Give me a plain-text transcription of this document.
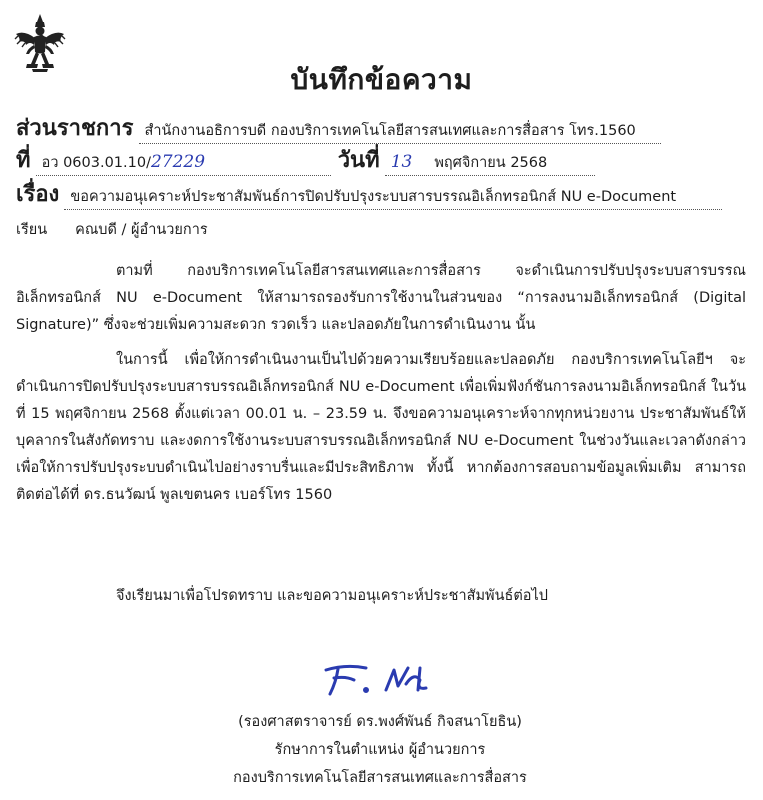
บันทึกข้อความ
ส่วนราชการ สำนักงานอธิการบดี กองบริการเทคโนโลยีสารสนเทศและการสื่อสาร โทร.1560
ที่ อว 0603.01.10/27229	วันที่ 13 พฤศจิกายน 2568
เรื่อง ขอความอนุเคราะห์ประชาสัมพันธ์การปิดปรับปรุงระบบสารบรรณอิเล็กทรอนิกส์ NU e-Document
เรียน คณบดี / ผู้อำนวยการ

ตามที่ กองบริการเทคโนโลยีสารสนเทศและการสื่อสาร จะดำเนินการปรับปรุงระบบสารบรรณอิเล็กทรอนิกส์ NU e-Document ให้สามารถรองรับการใช้งานในส่วนของ “การลงนามอิเล็กทรอนิกส์ (Digital Signature)” ซึ่งจะช่วยเพิ่มความสะดวก รวดเร็ว และปลอดภัยในการดำเนินงาน นั้น

ในการนี้ เพื่อให้การดำเนินงานเป็นไปด้วยความเรียบร้อยและปลอดภัย กองบริการเทคโนโลยีฯ จะดำเนินการปิดปรับปรุงระบบสารบรรณอิเล็กทรอนิกส์ NU e-Document เพื่อเพิ่มฟังก์ชันการลงนามอิเล็กทรอนิกส์ ในวันที่ 15 พฤศจิกายน 2568 ตั้งแต่เวลา 00.01 น. – 23.59 น. จึงขอความอนุเคราะห์จากทุกหน่วยงาน ประชาสัมพันธ์ให้บุคลากรในสังกัดทราบ และงดการใช้งานระบบสารบรรณอิเล็กทรอนิกส์ NU e-Document ในช่วงวันและเวลาดังกล่าว เพื่อให้การปรับปรุงระบบดำเนินไปอย่างราบรื่นและมีประสิทธิภาพ ทั้งนี้ หากต้องการสอบถามข้อมูลเพิ่มเติม สามารถติดต่อได้ที่ ดร.ธนวัฒน์ พูลเขตนคร เบอร์โทร 1560

จึงเรียนมาเพื่อโปรดทราบ และขอความอนุเคราะห์ประชาสัมพันธ์ต่อไป
(รองศาสตราจารย์ ดร.พงศ์พันธ์ กิจสนาโยธิน)
รักษาการในตำแหน่ง ผู้อำนวยการ
กองบริการเทคโนโลยีสารสนเทศและการสื่อสาร
